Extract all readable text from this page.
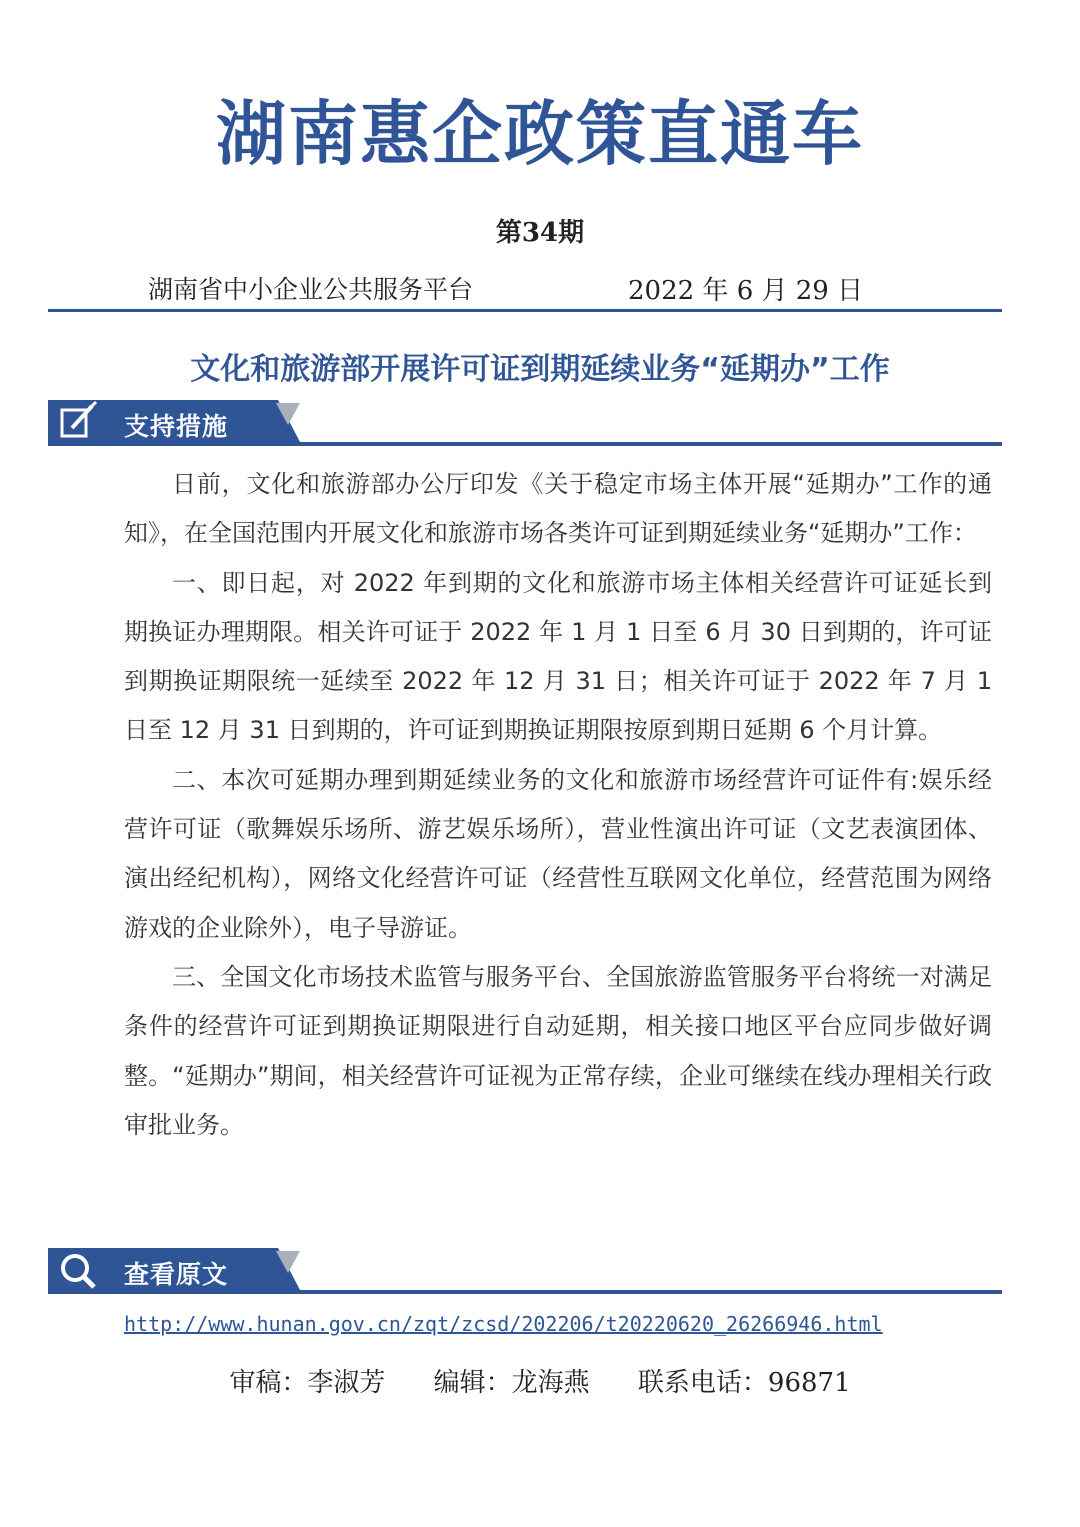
湖南惠企政策直通车
第34期
湖南省中小企业公共服务平台	2022 年 6 月 29 日
文化和旅游部开展许可证到期延续业务“延期办”工作
支持措施

日前，文化和旅游部办公厅印发《关于稳定市场主体开展“延期办”工作的通知》，在全国范围内开展文化和旅游市场各类许可证到期延续业务“延期办”工作：

一、即日起，对 2022 年到期的文化和旅游市场主体相关经营许可证延长到期换证办理期限。相关许可证于 2022 年 1 月 1 日至 6 月 30 日到期的，许可证到期换证期限统一延续至 2022 年 12 月 31 日；相关许可证于 2022 年 7 月 1 日至 12 月 31 日到期的，许可证到期换证期限按原到期日延期 6 个月计算。

二、本次可延期办理到期延续业务的文化和旅游市场经营许可证件有:娱乐经营许可证（歌舞娱乐场所、游艺娱乐场所），营业性演出许可证（文艺表演团体、演出经纪机构），网络文化经营许可证（经营性互联网文化单位，经营范围为网络游戏的企业除外），电子导游证。

三、全国文化市场技术监管与服务平台、全国旅游监管服务平台将统一对满足条件的经营许可证到期换证期限进行自动延期，相关接口地区平台应同步做好调整。“延期办”期间，相关经营许可证视为正常存续，企业可继续在线办理相关行政审批业务。

查看原文
http://www.hunan.gov.cn/zqt/zcsd/202206/t20220620_26266946.html
审稿：李淑芳 编辑：龙海燕 联系电话：96871
